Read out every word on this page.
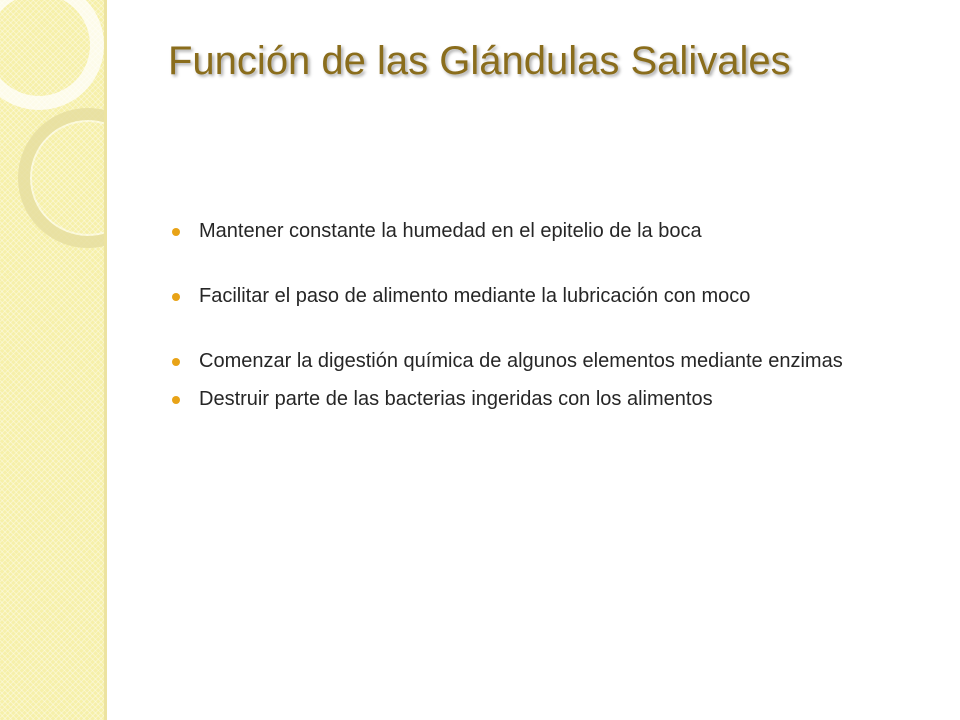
Función de las Glándulas Salivales
Mantener constante la humedad en el epitelio de la boca
Facilitar el paso de alimento mediante la lubricación con moco
Comenzar la digestión química de algunos elementos mediante enzimas
Destruir parte de las bacterias ingeridas con los alimentos
